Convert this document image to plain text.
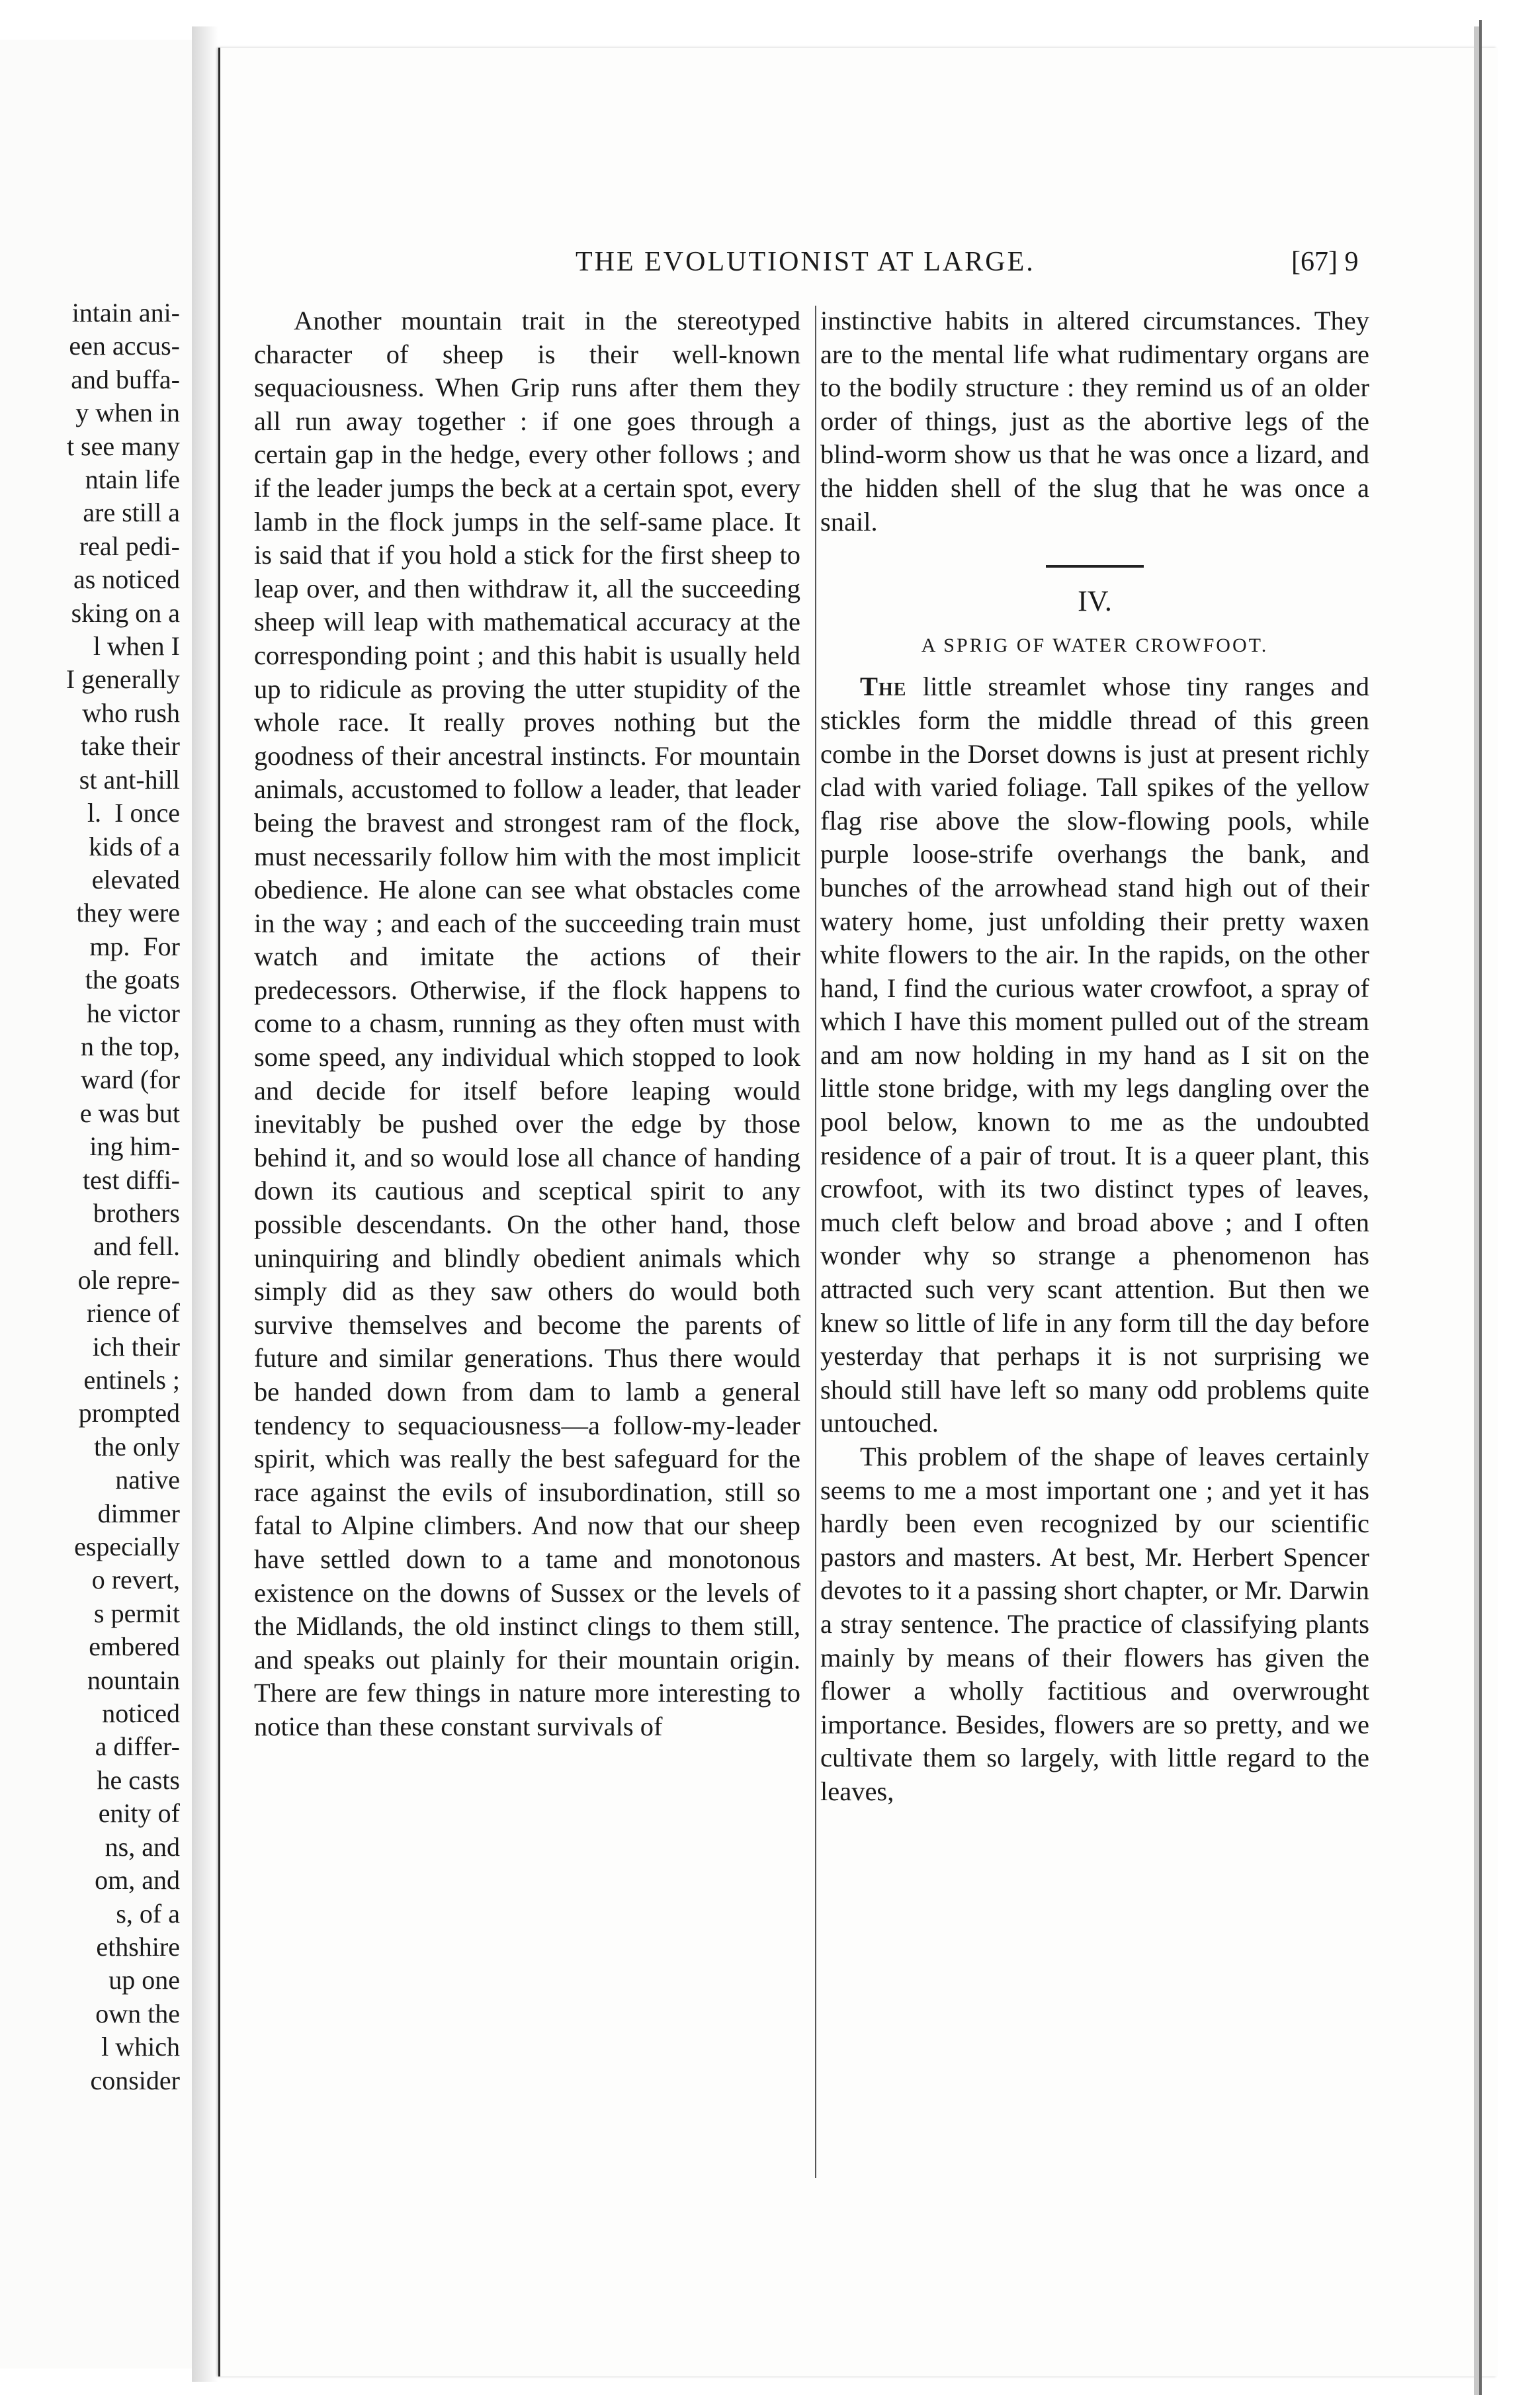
intain ani-
een accus-
and buffa-
y when in
t see many
ntain life
are still a
real pedi-
as noticed
sking on a
l when I
I generally
who rush
take their
st ant-hill
l.  I once
kids of a
elevated
they were
mp.  For
the goats
he victor
n the top,
ward (for
e was but
ing him-
test diffi-
brothers
and fell.
ole repre-
rience of
ich their
entinels ;
prompted
the only
native
dimmer
especially
o revert,
s permit
embered
nountain
noticed
a differ-
he casts
enity of
ns, and
om, and
s, of a
ethshire
up one
own the
l which
consider
THE EVOLUTIONIST AT LARGE.	[67] 9

Another mountain trait in the stereotyped character of sheep is their well-known sequaciousness. When Grip runs after them they all run away together : if one goes through a certain gap in the hedge, every other follows ; and if the leader jumps the beck at a certain spot, every lamb in the flock jumps in the self-same place. It is said that if you hold a stick for the first sheep to leap over, and then withdraw it, all the succeeding sheep will leap with mathematical accuracy at the corresponding point ; and this habit is usually held up to ridicule as proving the utter stupidity of the whole race. It really proves nothing but the goodness of their ancestral instincts. For mountain animals, accustomed to follow a leader, that leader being the bravest and strongest ram of the flock, must necessarily follow him with the most implicit obedience. He alone can see what obstacles come in the way ; and each of the succeeding train must watch and imitate the actions of their predecessors. Otherwise, if the flock happens to come to a chasm, running as they often must with some speed, any individual which stopped to look and decide for itself before leaping would inevitably be pushed over the edge by those behind it, and so would lose all chance of handing down its cautious and sceptical spirit to any possible descendants. On the other hand, those uninquiring and blindly obedient animals which simply did as they saw others do would both survive themselves and become the parents of future and similar generations. Thus there would be handed down from dam to lamb a general tendency to sequaciousness—a follow-my-leader spirit, which was really the best safeguard for the race against the evils of insubordination, still so fatal to Alpine climbers. And now that our sheep have settled down to a tame and monotonous existence on the downs of Sussex or the levels of the Midlands, the old instinct clings to them still, and speaks out plainly for their mountain origin. There are few things in nature more interesting to notice than these constant survivals of

instinctive habits in altered circumstances. They are to the mental life what rudimentary organs are to the bodily structure : they remind us of an older order of things, just as the abortive legs of the blind-worm show us that he was once a lizard, and the hidden shell of the slug that he was once a snail.

IV.
A SPRIG OF WATER CROWFOOT.

The little streamlet whose tiny ranges and stickles form the middle thread of this green combe in the Dorset downs is just at present richly clad with varied foliage. Tall spikes of the yellow flag rise above the slow-flowing pools, while purple loose-strife overhangs the bank, and bunches of the arrowhead stand high out of their watery home, just unfolding their pretty waxen white flowers to the air. In the rapids, on the other hand, I find the curious water crowfoot, a spray of which I have this moment pulled out of the stream and am now holding in my hand as I sit on the little stone bridge, with my legs dangling over the pool below, known to me as the undoubted residence of a pair of trout. It is a queer plant, this crowfoot, with its two distinct types of leaves, much cleft below and broad above ; and I often wonder why so strange a phenomenon has attracted such very scant attention. But then we knew so little of life in any form till the day before yesterday that perhaps it is not surprising we should still have left so many odd problems quite untouched.

This problem of the shape of leaves certainly seems to me a most important one ; and yet it has hardly been even recognized by our scientific pastors and masters. At best, Mr. Herbert Spencer devotes to it a passing short chapter, or Mr. Darwin a stray sentence. The practice of classifying plants mainly by means of their flowers has given the flower a wholly factitious and overwrought importance. Besides, flowers are so pretty, and we cultivate them so largely, with little regard to the leaves,
